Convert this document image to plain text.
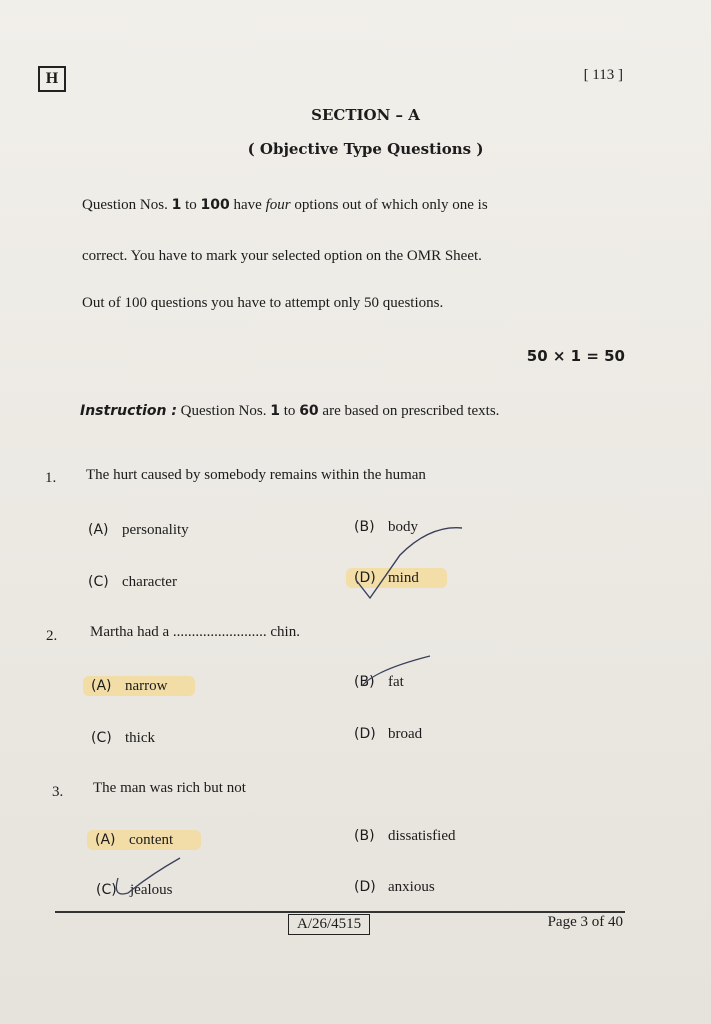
H	[ 113 ]
SECTION – A
( Objective Type Questions )
Question Nos. 1 to 100 have four options out of which only one is
correct. You have to mark your selected option on the OMR Sheet.
Out of 100 questions you have to attempt only 50 questions.
50 × 1 = 50
Instruction : Question Nos. 1 to 60 are based on prescribed texts.
1. The hurt caused by somebody remains within the human
(A) personality	(B) body
(C) character	(D) mind
2. Martha had a ......................... chin.
(A) narrow	(B) fat
(C) thick	(D) broad
3. The man was rich but not
(A) content	(B) dissatisfied
(C) jealous	(D) anxious
A/26/4515	Page 3 of 40
